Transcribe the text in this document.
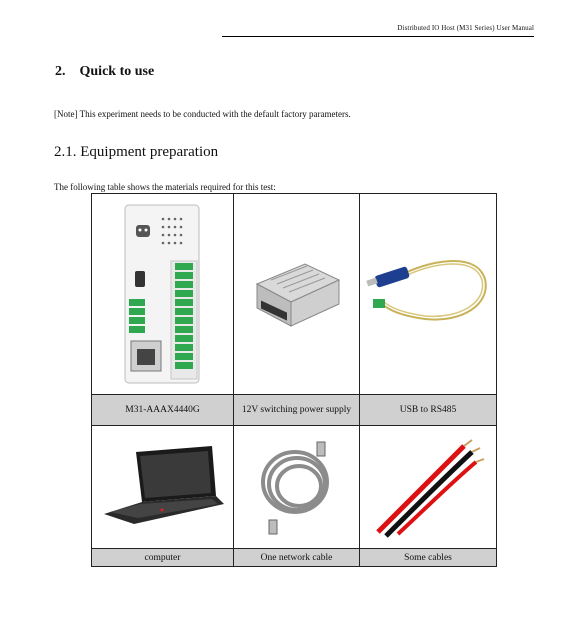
Distributed IO Host (M31 Series) User Manual
2. Quick to use
[Note] This experiment needs to be conducted with the default factory parameters.
2.1. Equipment preparation
The following table shows the materials required for this test:

M31-AAAX4440G	12V switching power supply	USB to RS485

computer	One network cable	Some cables
